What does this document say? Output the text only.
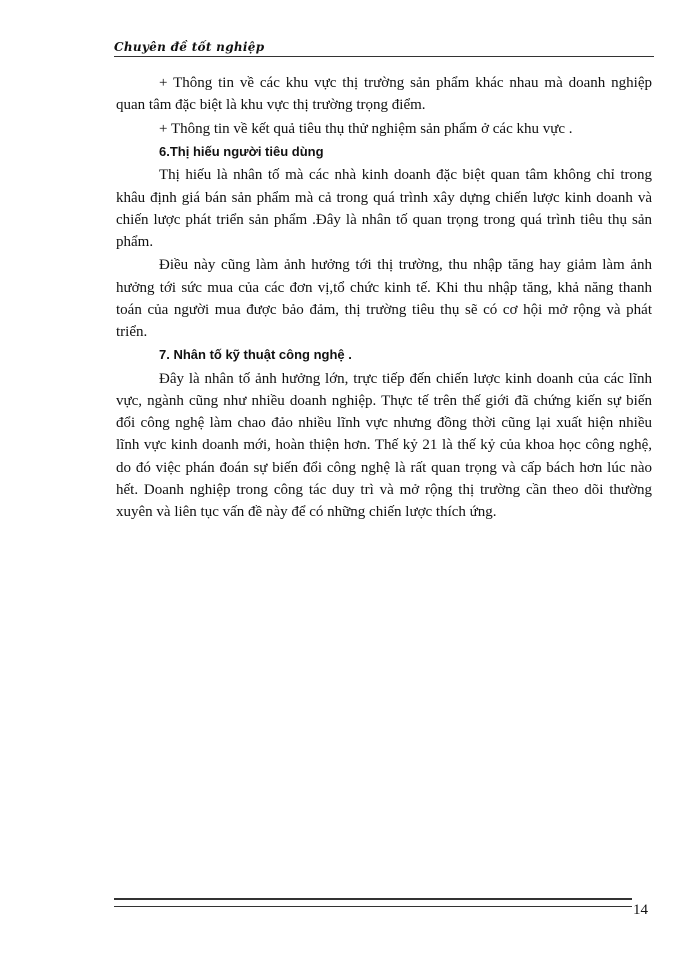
Chuyên đề tốt nghiệp

+ Thông tin về các khu vực thị trường sản phẩm khác nhau mà doanh nghiệp quan tâm đặc biệt là khu vực thị trường trọng điểm.

+ Thông tin về kết quả tiêu thụ thử nghiệm sản phẩm ở các khu vực .

6.Thị hiếu người tiêu dùng

Thị hiếu là nhân tố mà các nhà kinh doanh đặc biệt quan tâm không chỉ trong khâu định giá bán sản phẩm mà cả trong quá trình xây dựng chiến lược kinh doanh và chiến lược phát triển sản phẩm .Đây là nhân tố quan trọng trong quá trình tiêu thụ sản phẩm.

Điều này cũng làm ảnh hưởng tới thị trường, thu nhập tăng hay giảm làm ảnh hưởng tới sức mua của các đơn vị,tổ chức kinh tế. Khi thu nhập tăng, khả năng thanh toán của người mua được bảo đảm, thị trường tiêu thụ sẽ có cơ hội mở rộng và phát triển.

7. Nhân tố kỹ thuật công nghệ .

Đây là nhân tố ảnh hưởng lớn, trực tiếp đến chiến lược kinh doanh của các lĩnh vực, ngành cũng như nhiều doanh nghiệp. Thực tế trên thế giới đã chứng kiến sự biến đổi công nghệ làm chao đảo nhiều lĩnh vực nhưng đồng thời cũng lại xuất hiện nhiều lĩnh vực kinh doanh mới, hoàn thiện hơn. Thế kỷ 21 là thế kỷ của khoa học công nghệ, do đó việc phán đoán sự biến đổi công nghệ là rất quan trọng và cấp bách hơn lúc nào hết. Doanh nghiệp trong công tác duy trì và mở rộng thị trường cần theo dõi thường xuyên và liên tục vấn đề này để có những chiến lược thích ứng.

14
